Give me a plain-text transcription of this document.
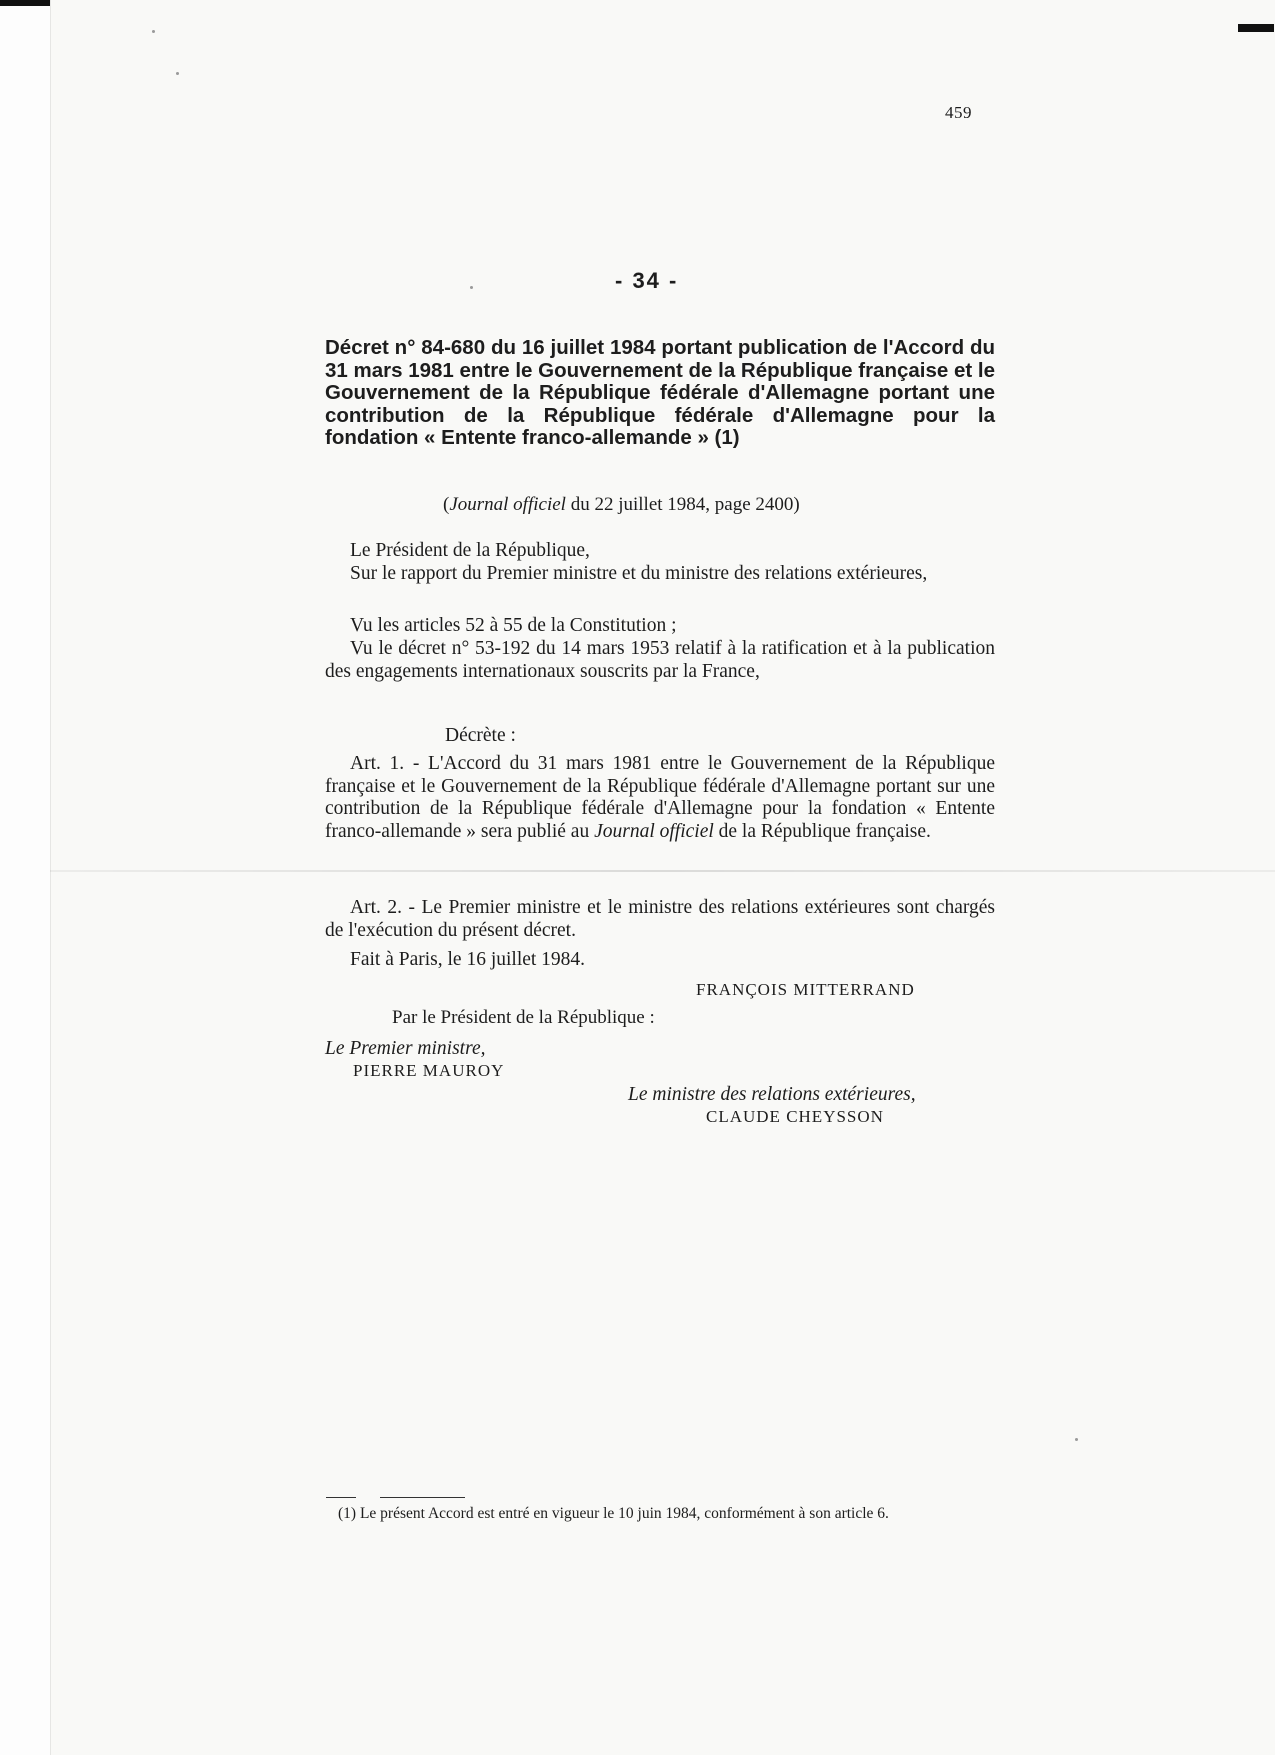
459
- 34 -
Décret n° 84-680 du 16 juillet 1984 portant publication de l'Accord du 31 mars 1981 entre le Gouvernement de la République française et le Gouvernement de la République fédérale d'Allemagne portant une contribution de la République fédérale d'Allemagne pour la fondation « Entente franco-allemande » (1)
(Journal officiel du 22 juillet 1984, page 2400)
Le Président de la République,
Sur le rapport du Premier ministre et du ministre des relations extérieures,
Vu les articles 52 à 55 de la Constitution ;
Vu le décret n° 53-192 du 14 mars 1953 relatif à la ratification et à la publication des engagements internationaux souscrits par la France,
Décrète :
Art. 1. - L'Accord du 31 mars 1981 entre le Gouvernement de la République française et le Gouvernement de la République fédérale d'Allemagne portant sur une contribution de la République fédérale d'Allemagne pour la fondation « Entente franco-allemande » sera publié au Journal officiel de la République française.
Art. 2. - Le Premier ministre et le ministre des relations extérieures sont chargés de l'exécution du présent décret.
Fait à Paris, le 16 juillet 1984.
FRANÇOIS MITTERRAND
Par le Président de la République :
Le Premier ministre,
PIERRE MAUROY
Le ministre des relations extérieures,
CLAUDE CHEYSSON
(1) Le présent Accord est entré en vigueur le 10 juin 1984, conformément à son article 6.
